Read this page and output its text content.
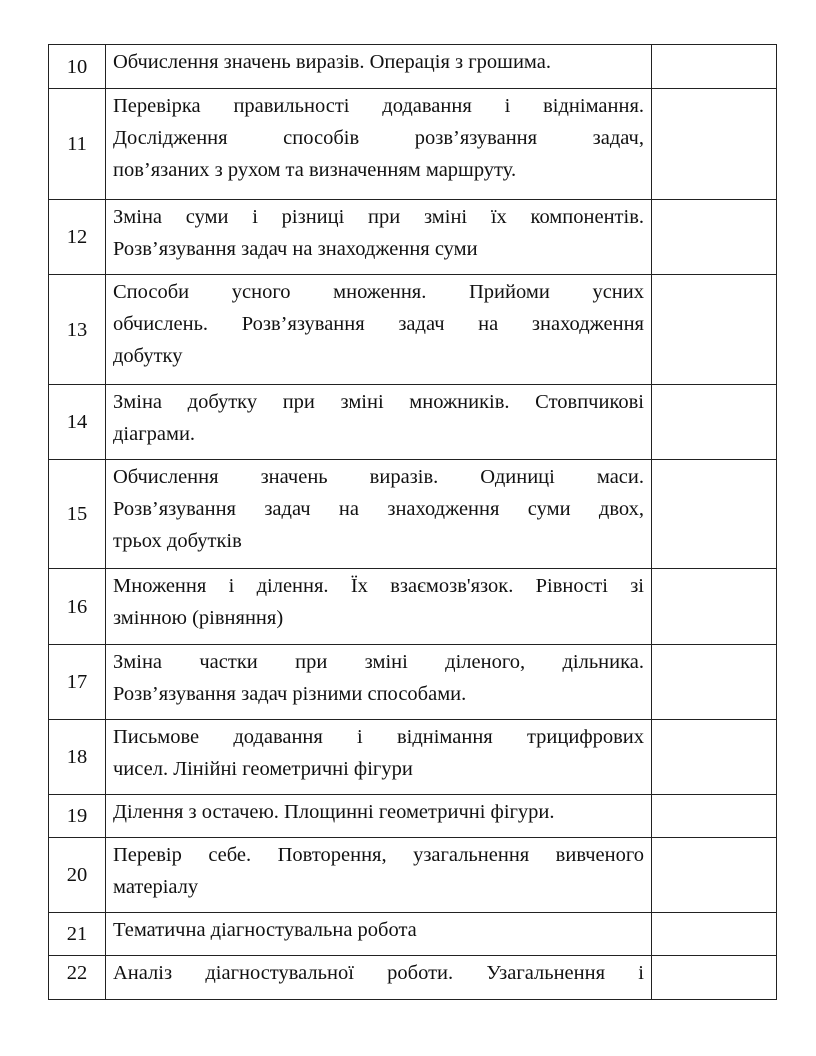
10	Обчислення значень виразів. Операція з грошима.	

11	Перевірка правильності додавання і віднімання.
Дослідження способів розв’язування задач,
пов’язаних з рухом та визначенням маршруту.	

12	Зміна суми і різниці при зміні їх компонентів.
Розв’язування задач на знаходження суми	

13	Способи усного множення. Прийоми усних
обчислень. Розв’язування задач на знаходження
добутку	

14	Зміна добутку при зміні множників. Стовпчикові
діаграми.	

15	Обчислення значень виразів. Одиниці маси.
Розв’язування задач на знаходження суми двох,
трьох добутків	

16	Множення і ділення. Їх взаємозв'язок. Рівності зі
змінною (рівняння)	

17	Зміна частки при зміні діленого, дільника.
Розв’язування задач різними способами.	

18	Письмове додавання і віднімання трицифрових
чисел. Лінійні геометричні фігури	

19	Ділення з остачею. Площинні геометричні фігури.	

20	Перевір себе. Повторення, узагальнення вивченого
матеріалу	

21	Тематична діагностувальна робота	

22	Аналіз діагностувальної роботи. Узагальнення і	
